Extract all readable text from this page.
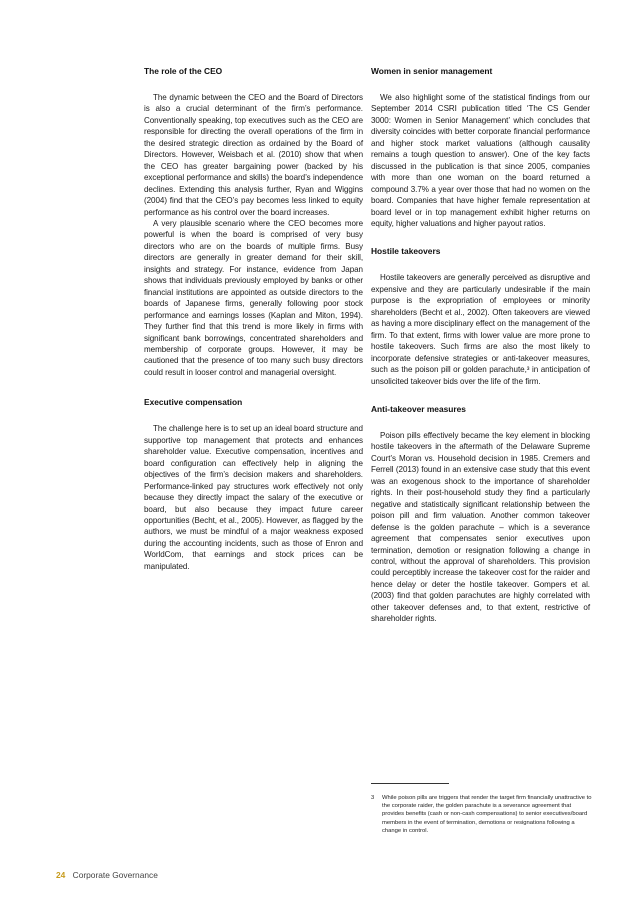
The role of the CEO

The dynamic between the CEO and the Board of Directors is also a crucial determinant of the firm’s performance. Conventionally speaking, top executives such as the CEO are responsible for directing the overall operations of the firm in the desired strategic direction as ordained by the Board of Directors. However, Weisbach et al. (2010) show that when the CEO has greater bargaining power (backed by his exceptional performance and skills) the board’s independence declines. Extending this analysis further, Ryan and Wiggins (2004) find that the CEO’s pay becomes less linked to equity performance as his control over the board increases.

A very plausible scenario where the CEO becomes more powerful is when the board is comprised of very busy directors who are on the boards of multiple firms. Busy directors are generally in greater demand for their skill, insights and strategy. For instance, evidence from Japan shows that individuals previously employed by banks or other financial institutions are appointed as outside directors to the boards of Japanese firms, generally following poor stock performance and earnings losses (Kaplan and Miton, 1994). They further find that this trend is more likely in firms with significant bank borrowings, concentrated shareholders and membership of corporate groups. However, it may be cautioned that the presence of too many such busy directors could result in looser control and managerial oversight.

Executive compensation

The challenge here is to set up an ideal board structure and supportive top management that protects and enhances shareholder value. Executive compensation, incentives and board configuration can effectively help in aligning the objectives of the firm’s decision makers and shareholders. Performance-linked pay structures work effectively not only because they directly impact the salary of the executive or board, but also because they impact future career opportunities (Becht, et al., 2005). However, as flagged by the authors, we must be mindful of a major weakness exposed during the accounting incidents, such as those of Enron and WorldCom, that earnings and stock prices can be manipulated.

Women in senior management

We also highlight some of the statistical findings from our September 2014 CSRI publication titled ‘The CS Gender 3000: Women in Senior Management’ which concludes that diversity coincides with better corporate financial performance and higher stock market valuations (although causality remains a tough question to answer). One of the key facts discussed in the publication is that since 2005, companies with more than one woman on the board returned a compound 3.7% a year over those that had no women on the board. Companies that have higher female representation at board level or in top management exhibit higher returns on equity, higher valuations and higher payout ratios.

Hostile takeovers

Hostile takeovers are generally perceived as disruptive and expensive and they are particularly undesirable if the main purpose is the expropriation of employees or minority shareholders (Becht et al., 2002). Often takeovers are viewed as having a more disciplinary effect on the management of the firm. To that extent, firms with lower value are more prone to hostile takeovers. Such firms are also the most likely to incorporate defensive strategies or anti-takeover measures, such as the poison pill or golden parachute,³ in anticipation of unsolicited takeover bids over the life of the firm.

Anti-takeover measures

Poison pills effectively became the key element in blocking hostile takeovers in the aftermath of the Delaware Supreme Court’s Moran vs. Household decision in 1985. Cremers and Ferrell (2013) found in an extensive case study that this event was an exogenous shock to the importance of shareholder rights. In their post-household study they find a particularly negative and statistically significant relationship between the poison pill and firm valuation. Another common takeover defense is the golden parachute – which is a severance agreement that compensates senior executives upon termination, demotion or resignation following a change in control, without the approval of shareholders. This provision could perceptibly increase the takeover cost for the raider and hence delay or deter the hostile takeover. Gompers et al. (2003) find that golden parachutes are highly correlated with other takeover defenses and, to that extent, restrictive of shareholder rights.

3 While poison pills are triggers that render the target firm financially unattractive to the corporate raider, the golden parachute is a severance agreement that provides benefits (cash or non-cash compensations) to senior executives/board members in the event of termination, demotions or resignations following a change in control.
24 Corporate Governance
